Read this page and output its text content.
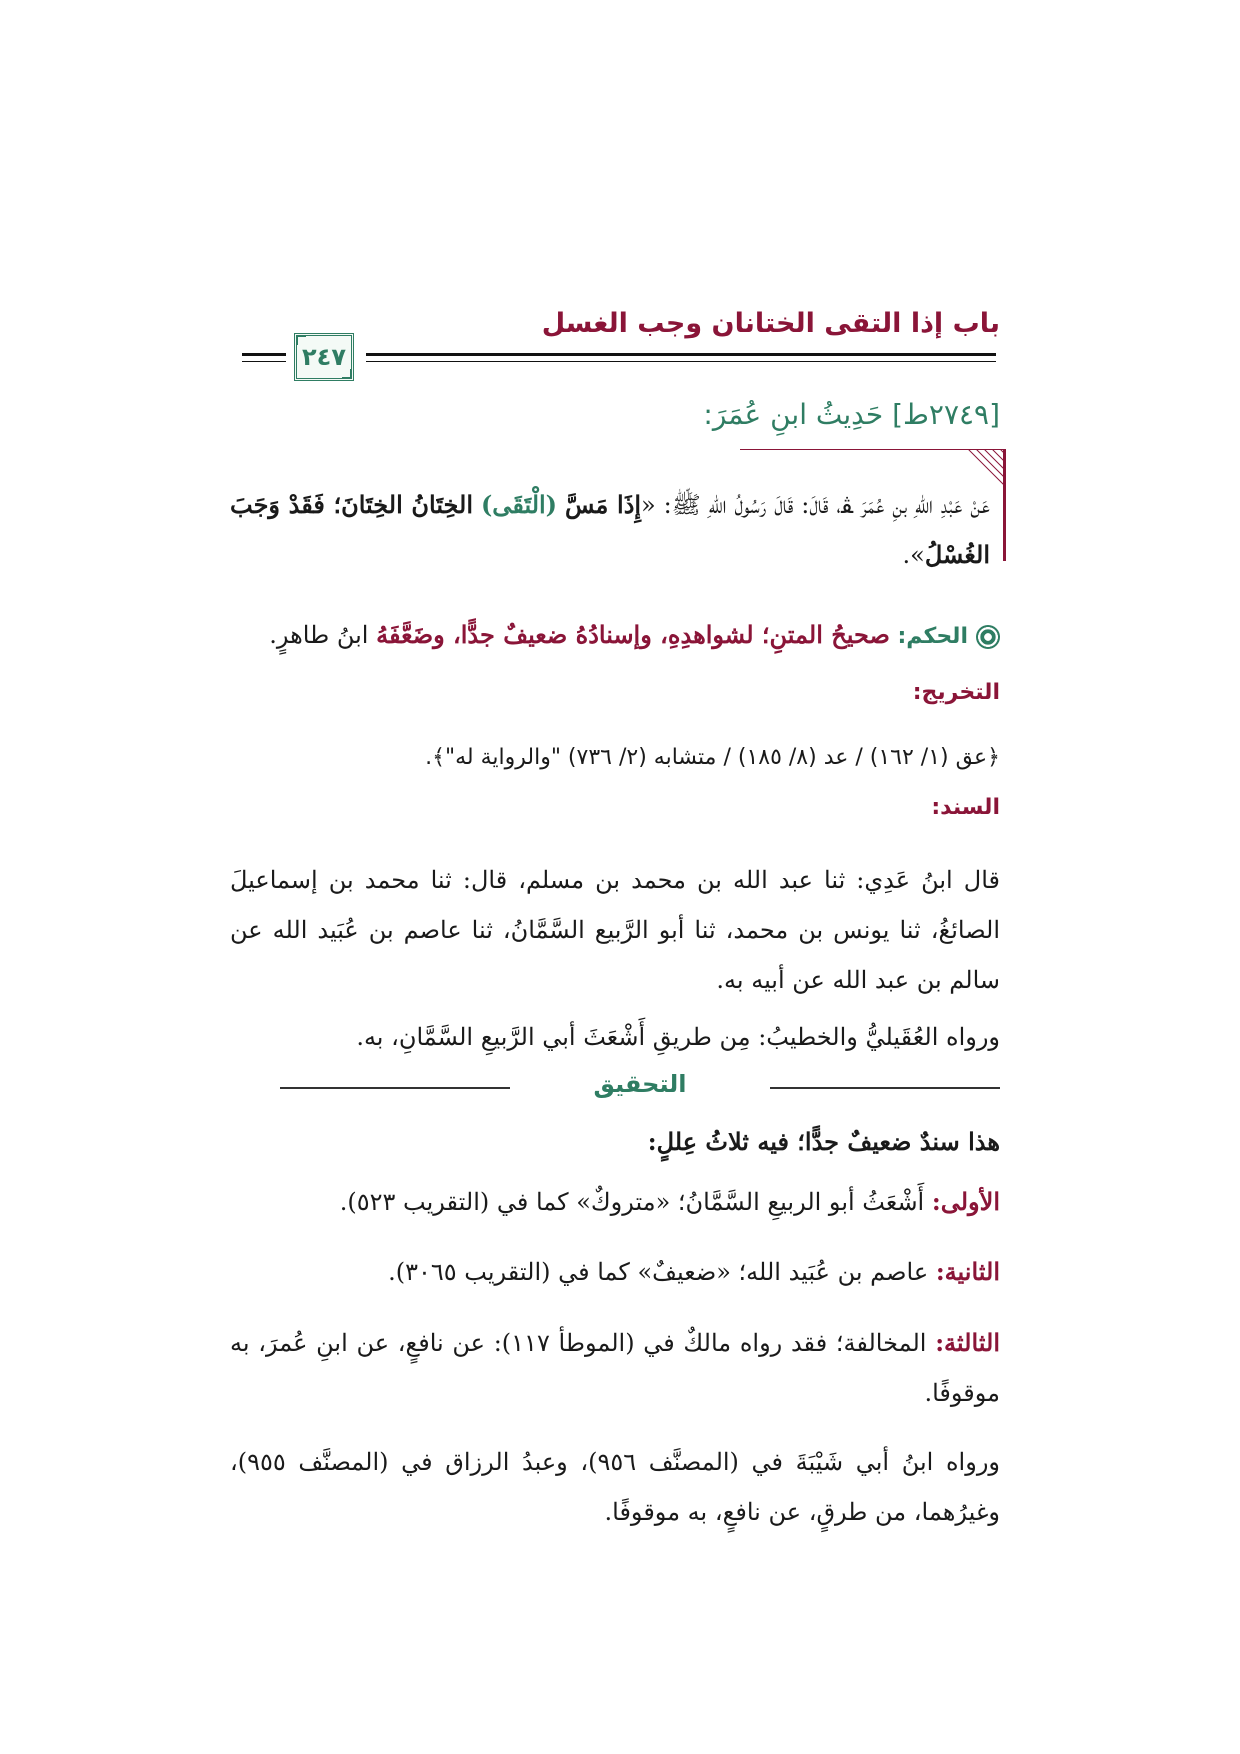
باب إذا التقى الختانان وجب الغسل
٢٤٧
[٢٧٤٩ط] حَدِيثُ ابنِ عُمَرَ:
عَنْ عَبْدِ اللهِ بنِ عُمَرَ ﭭ، قَالَ: قَالَ رَسُولُ اللهِ ﷺ: «إِذَا مَسَّ (الْتَقَى) الخِتَانُ الخِتَانَ؛ فَقَدْ وَجَبَ الغُسْلُ».
الحكم: صحيحُ المتنِ؛ لشواهدِهِ، وإسنادُهُ ضعيفٌ جدًّا، وضَعَّفَهُ ابنُ طاهرٍ.
التخريج:
﴿عق (١/ ١٦٢) / عد (٨/ ١٨٥) / متشابه (٢/ ٧٣٦) "والرواية له"﴾.
السند:
قال ابنُ عَدِي: ثنا عبد الله بن محمد بن مسلم، قال: ثنا محمد بن إسماعيلَ الصائغُ، ثنا يونس بن محمد، ثنا أبو الرَّبيع السَّمَّانُ، ثنا عاصم بن عُبَيد الله عن سالم بن عبد الله عن أبيه به.
ورواه العُقَيليُّ والخطيبُ: مِن طريقِ أَشْعَثَ أبي الرَّبيعِ السَّمَّانِ، به.
التحقيق
هذا سندٌ ضعيفٌ جدًّا؛ فيه ثلاثُ عِللٍ:
الأولى: أَشْعَثُ أبو الربيعِ السَّمَّانُ؛ «متروكٌ» كما في (التقريب ٥٢٣).
الثانية: عاصم بن عُبَيد الله؛ «ضعيفٌ» كما في (التقريب ٣٠٦٥).
الثالثة: المخالفة؛ فقد رواه مالكٌ في (الموطأ ١١٧): عن نافعٍ، عن ابنِ عُمرَ، به موقوفًا.
ورواه ابنُ أبي شَيْبَةَ في (المصنَّف ٩٥٦)، وعبدُ الرزاق في (المصنَّف ٩٥٥)، وغيرُهما، من طرقٍ، عن نافعٍ، به موقوفًا.
